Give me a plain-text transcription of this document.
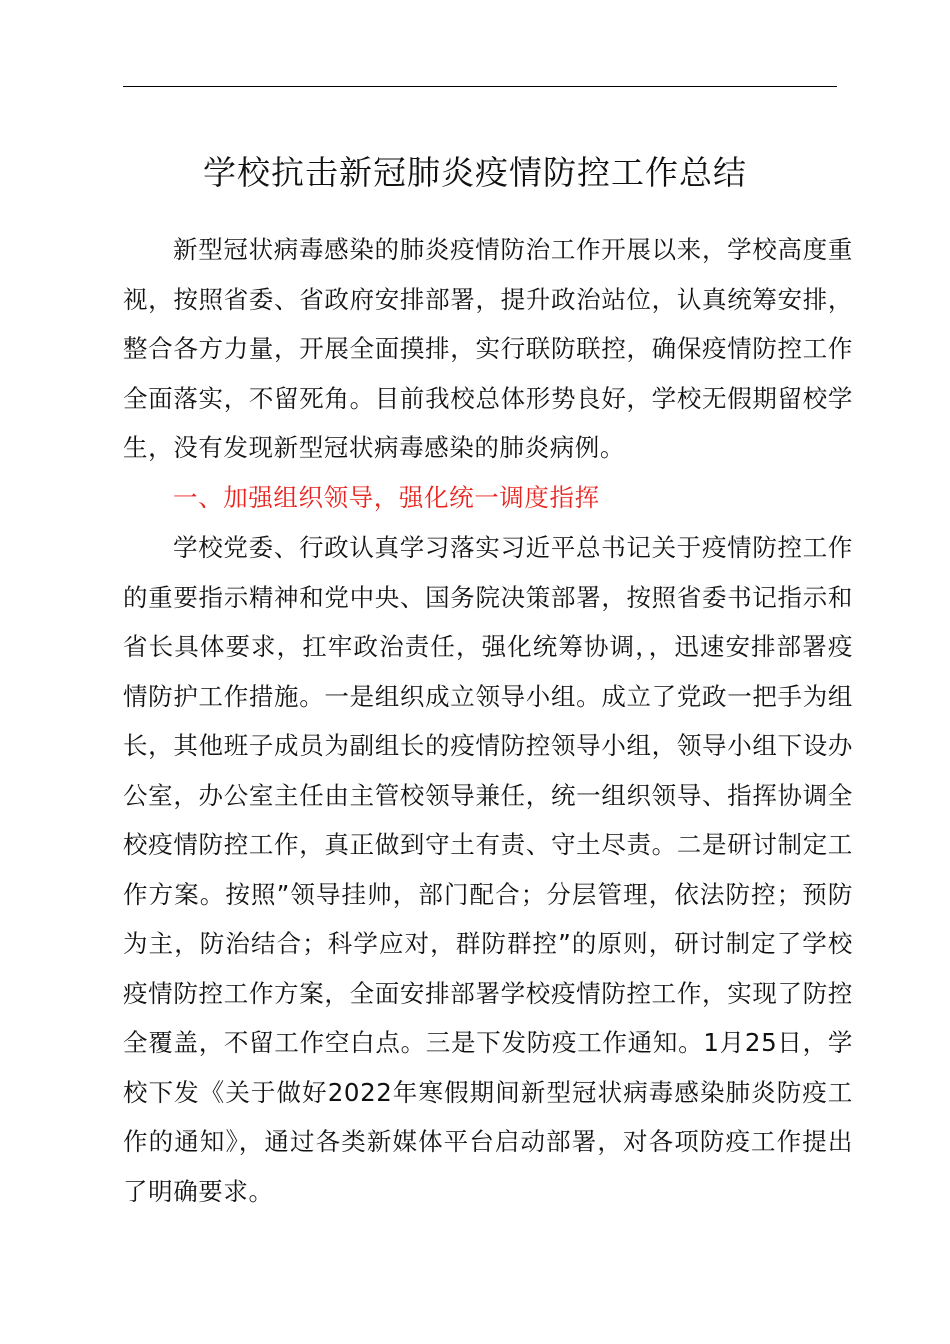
学校抗击新冠肺炎疫情防控工作总结

新型冠状病毒感染的肺炎疫情防治工作开展以来，学校高度重视，按照省委、省政府安排部署，提升政治站位，认真统筹安排，整合各方力量，开展全面摸排，实行联防联控，确保疫情防控工作全面落实，不留死角。目前我校总体形势良好，学校无假期留校学生，没有发现新型冠状病毒感染的肺炎病例。

一、加强组织领导，强化统一调度指挥

学校党委、行政认真学习落实习近平总书记关于疫情防控工作的重要指示精神和党中央、国务院决策部署，按照省委书记指示和省长具体要求，扛牢政治责任，强化统筹协调，，迅速安排部署疫情防护工作措施。一是组织成立领导小组。成立了党政一把手为组长，其他班子成员为副组长的疫情防控领导小组，领导小组下设办公室，办公室主任由主管校领导兼任，统一组织领导、指挥协调全校疫情防控工作，真正做到守土有责、守土尽责。二是研讨制定工作方案。按照”领导挂帅，部门配合；分层管理，依法防控；预防为主，防治结合；科学应对，群防群控”的原则，研讨制定了学校疫情防控工作方案，全面安排部署学校疫情防控工作，实现了防控全覆盖，不留工作空白点。三是下发防疫工作通知。1月25日，学校下发《关于做好2022年寒假期间新型冠状病毒感染肺炎防疫工作的通知》，通过各类新媒体平台启动部署，对各项防疫工作提出了明确要求。
